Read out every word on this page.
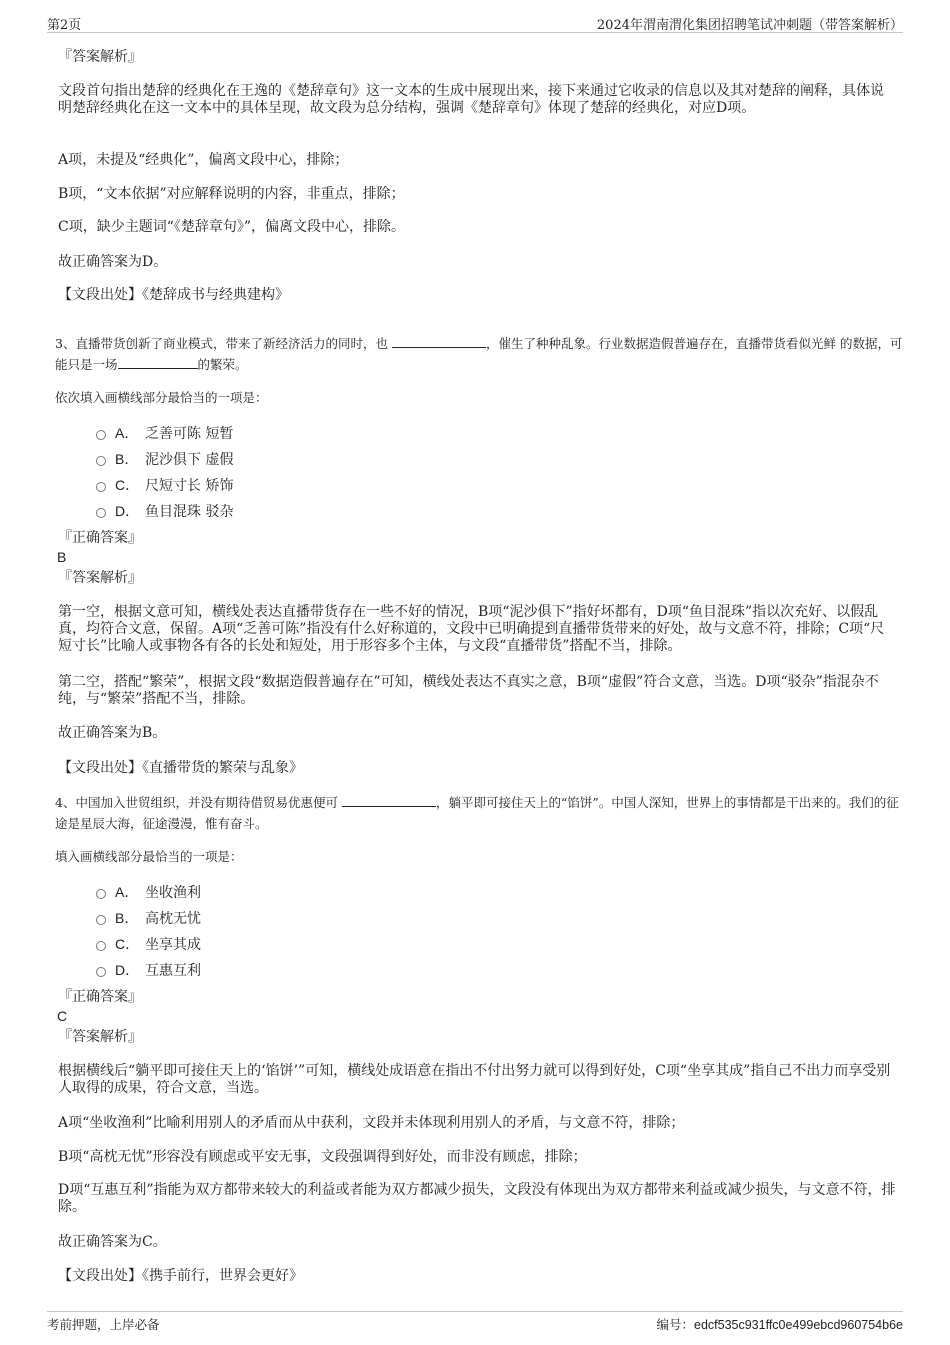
第2页	2024年渭南渭化集团招聘笔试冲刺题（带答案解析）
『答案解析』
文段首句指出楚辞的经典化在王逸的《楚辞章句》这一文本的生成中展现出来，接下来通过它收录的信息以及其对楚辞的阐释，具体说明楚辞经典化在这一文本中的具体呈现，故文段为总分结构，强调《楚辞章句》体现了楚辞的经典化，对应D项。
A项，未提及“经典化”，偏离文段中心，排除；
B项，“文本依据”对应解释说明的内容，非重点，排除；
C项，缺少主题词“《楚辞章句》”，偏离文段中心，排除。
故正确答案为D。
【文段出处】《楚辞成书与经典建构》
3、直播带货创新了商业模式，带来了新经济活力的同时，也	，催生了种种乱象。行业数据造假普遍存在，直播带货看似光鲜 的数据，可能只是一场	的繁荣。
依次填入画横线部分最恰当的一项是：
A． 乏善可陈 短暂
B． 泥沙俱下 虚假
C． 尺短寸长 矫饰
D． 鱼目混珠 驳杂
『正确答案』
B
『答案解析』
第一空，根据文意可知，横线处表达直播带货存在一些不好的情况，B项“泥沙俱下”指好坏都有，D项“鱼目混珠”指以次充好、以假乱真，均符合文意，保留。A项“乏善可陈”指没有什么好称道的，文段中已明确提到直播带货带来的好处，故与文意不符，排除；C项“尺短寸长”比喻人或事物各有各的长处和短处，用于形容多个主体，与文段“直播带货”搭配不当，排除。
第二空，搭配“繁荣”，根据文段“数据造假普遍存在”可知，横线处表达不真实之意，B项“虚假”符合文意，当选。D项“驳杂”指混杂不纯，与“繁荣”搭配不当，排除。
故正确答案为B。
【文段出处】《直播带货的繁荣与乱象》
4、中国加入世贸组织，并没有期待借贸易优惠便可	，躺平即可接住天上的“馅饼”。中国人深知，世界上的事情都是干出来的。我们的征途是星辰大海，征途漫漫，惟有奋斗。
填入画横线部分最恰当的一项是：
A． 坐收渔利
B． 高枕无忧
C． 坐享其成
D． 互惠互利
『正确答案』
C
『答案解析』
根据横线后“躺平即可接住天上的‘馅饼’”可知，横线处成语意在指出不付出努力就可以得到好处，C项“坐享其成”指自己不出力而享受别人取得的成果，符合文意，当选。
A项“坐收渔利”比喻利用别人的矛盾而从中获利，文段并未体现利用别人的矛盾，与文意不符，排除；
B项“高枕无忧”形容没有顾虑或平安无事，文段强调得到好处，而非没有顾虑，排除；
D项“互惠互利”指能为双方都带来较大的利益或者能为双方都减少损失，文段没有体现出为双方都带来利益或减少损失，与文意不符，排除。
故正确答案为C。
【文段出处】《携手前行，世界会更好》
考前押题，上岸必备	编号：edcf535c931ffc0e499ebcd960754b6e
